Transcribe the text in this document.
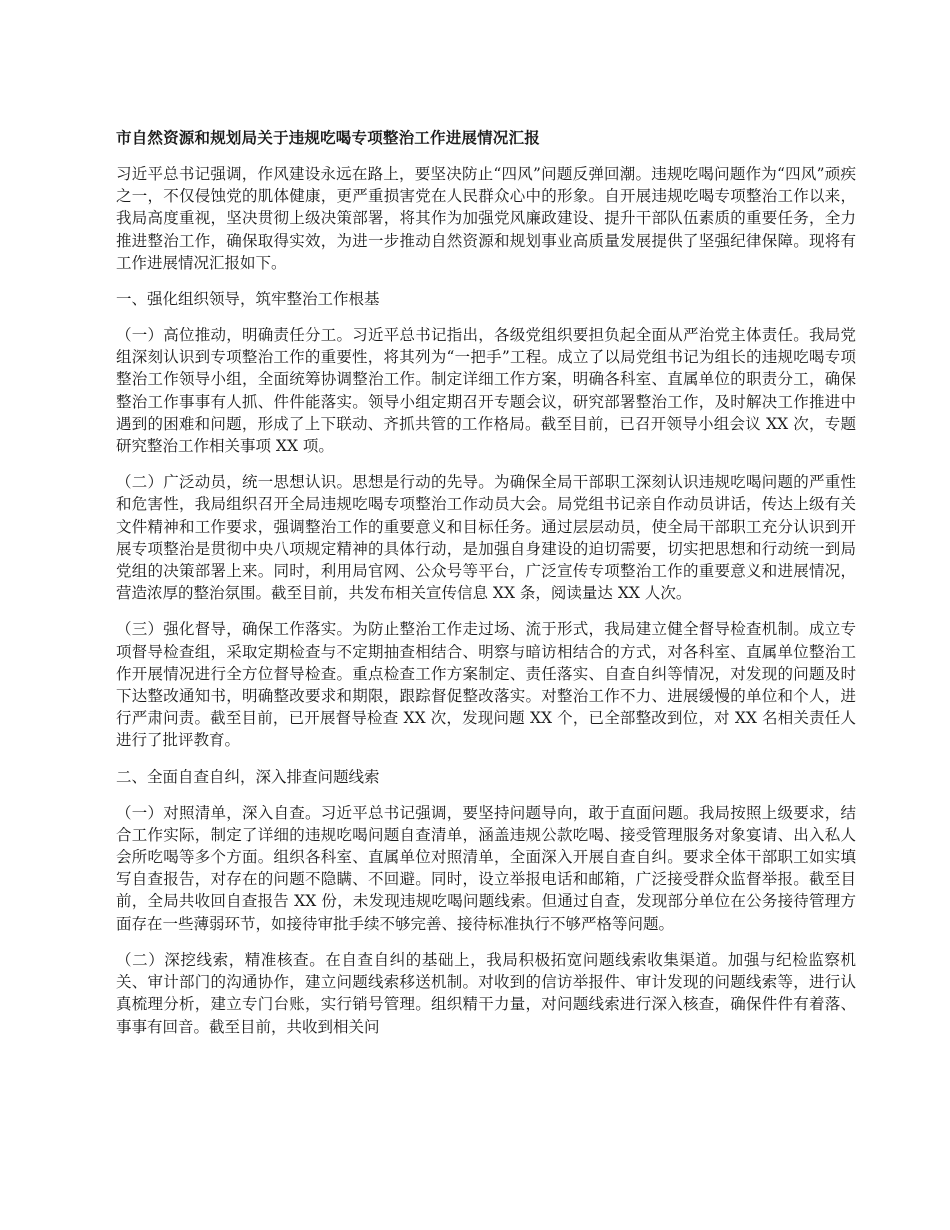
市自然资源和规划局关于违规吃喝专项整治工作进展情况汇报

习近平总书记强调，作风建设永远在路上，要坚决防止“四风”问题反弹回潮。违规吃喝问题作为“四风”顽疾之一，不仅侵蚀党的肌体健康，更严重损害党在人民群众心中的形象。自开展违规吃喝专项整治工作以来，我局高度重视，坚决贯彻上级决策部署，将其作为加强党风廉政建设、提升干部队伍素质的重要任务，全力推进整治工作，确保取得实效，为进一步推动自然资源和规划事业高质量发展提供了坚强纪律保障。现将有工作进展情况汇报如下。

一、强化组织领导，筑牢整治工作根基

（一）高位推动，明确责任分工。习近平总书记指出，各级党组织要担负起全面从严治党主体责任。我局党组深刻认识到专项整治工作的重要性，将其列为“一把手”工程。成立了以局党组书记为组长的违规吃喝专项整治工作领导小组，全面统筹协调整治工作。制定详细工作方案，明确各科室、直属单位的职责分工，确保整治工作事事有人抓、件件能落实。领导小组定期召开专题会议，研究部署整治工作，及时解决工作推进中遇到的困难和问题，形成了上下联动、齐抓共管的工作格局。截至目前，已召开领导小组会议 XX 次，专题研究整治工作相关事项 XX 项。

（二）广泛动员，统一思想认识。思想是行动的先导。为确保全局干部职工深刻认识违规吃喝问题的严重性和危害性，我局组织召开全局违规吃喝专项整治工作动员大会。局党组书记亲自作动员讲话，传达上级有关文件精神和工作要求，强调整治工作的重要意义和目标任务。通过层层动员，使全局干部职工充分认识到开展专项整治是贯彻中央八项规定精神的具体行动，是加强自身建设的迫切需要，切实把思想和行动统一到局党组的决策部署上来。同时，利用局官网、公众号等平台，广泛宣传专项整治工作的重要意义和进展情况，营造浓厚的整治氛围。截至目前，共发布相关宣传信息 XX 条，阅读量达 XX 人次。

（三）强化督导，确保工作落实。为防止整治工作走过场、流于形式，我局建立健全督导检查机制。成立专项督导检查组，采取定期检查与不定期抽查相结合、明察与暗访相结合的方式，对各科室、直属单位整治工作开展情况进行全方位督导检查。重点检查工作方案制定、责任落实、自查自纠等情况，对发现的问题及时下达整改通知书，明确整改要求和期限，跟踪督促整改落实。对整治工作不力、进展缓慢的单位和个人，进行严肃问责。截至目前，已开展督导检查 XX 次，发现问题 XX 个，已全部整改到位，对 XX 名相关责任人进行了批评教育。

二、全面自查自纠，深入排查问题线索

（一）对照清单，深入自查。习近平总书记强调，要坚持问题导向，敢于直面问题。我局按照上级要求，结合工作实际，制定了详细的违规吃喝问题自查清单，涵盖违规公款吃喝、接受管理服务对象宴请、出入私人会所吃喝等多个方面。组织各科室、直属单位对照清单，全面深入开展自查自纠。要求全体干部职工如实填写自查报告，对存在的问题不隐瞒、不回避。同时，设立举报电话和邮箱，广泛接受群众监督举报。截至目前，全局共收回自查报告 XX 份，未发现违规吃喝问题线索。但通过自查，发现部分单位在公务接待管理方面存在一些薄弱环节，如接待审批手续不够完善、接待标准执行不够严格等问题。

（二）深挖线索，精准核查。在自查自纠的基础上，我局积极拓宽问题线索收集渠道。加强与纪检监察机关、审计部门的沟通协作，建立问题线索移送机制。对收到的信访举报件、审计发现的问题线索等，进行认真梳理分析，建立专门台账，实行销号管理。组织精干力量，对问题线索进行深入核查，确保件件有着落、事事有回音。截至目前，共收到相关问
